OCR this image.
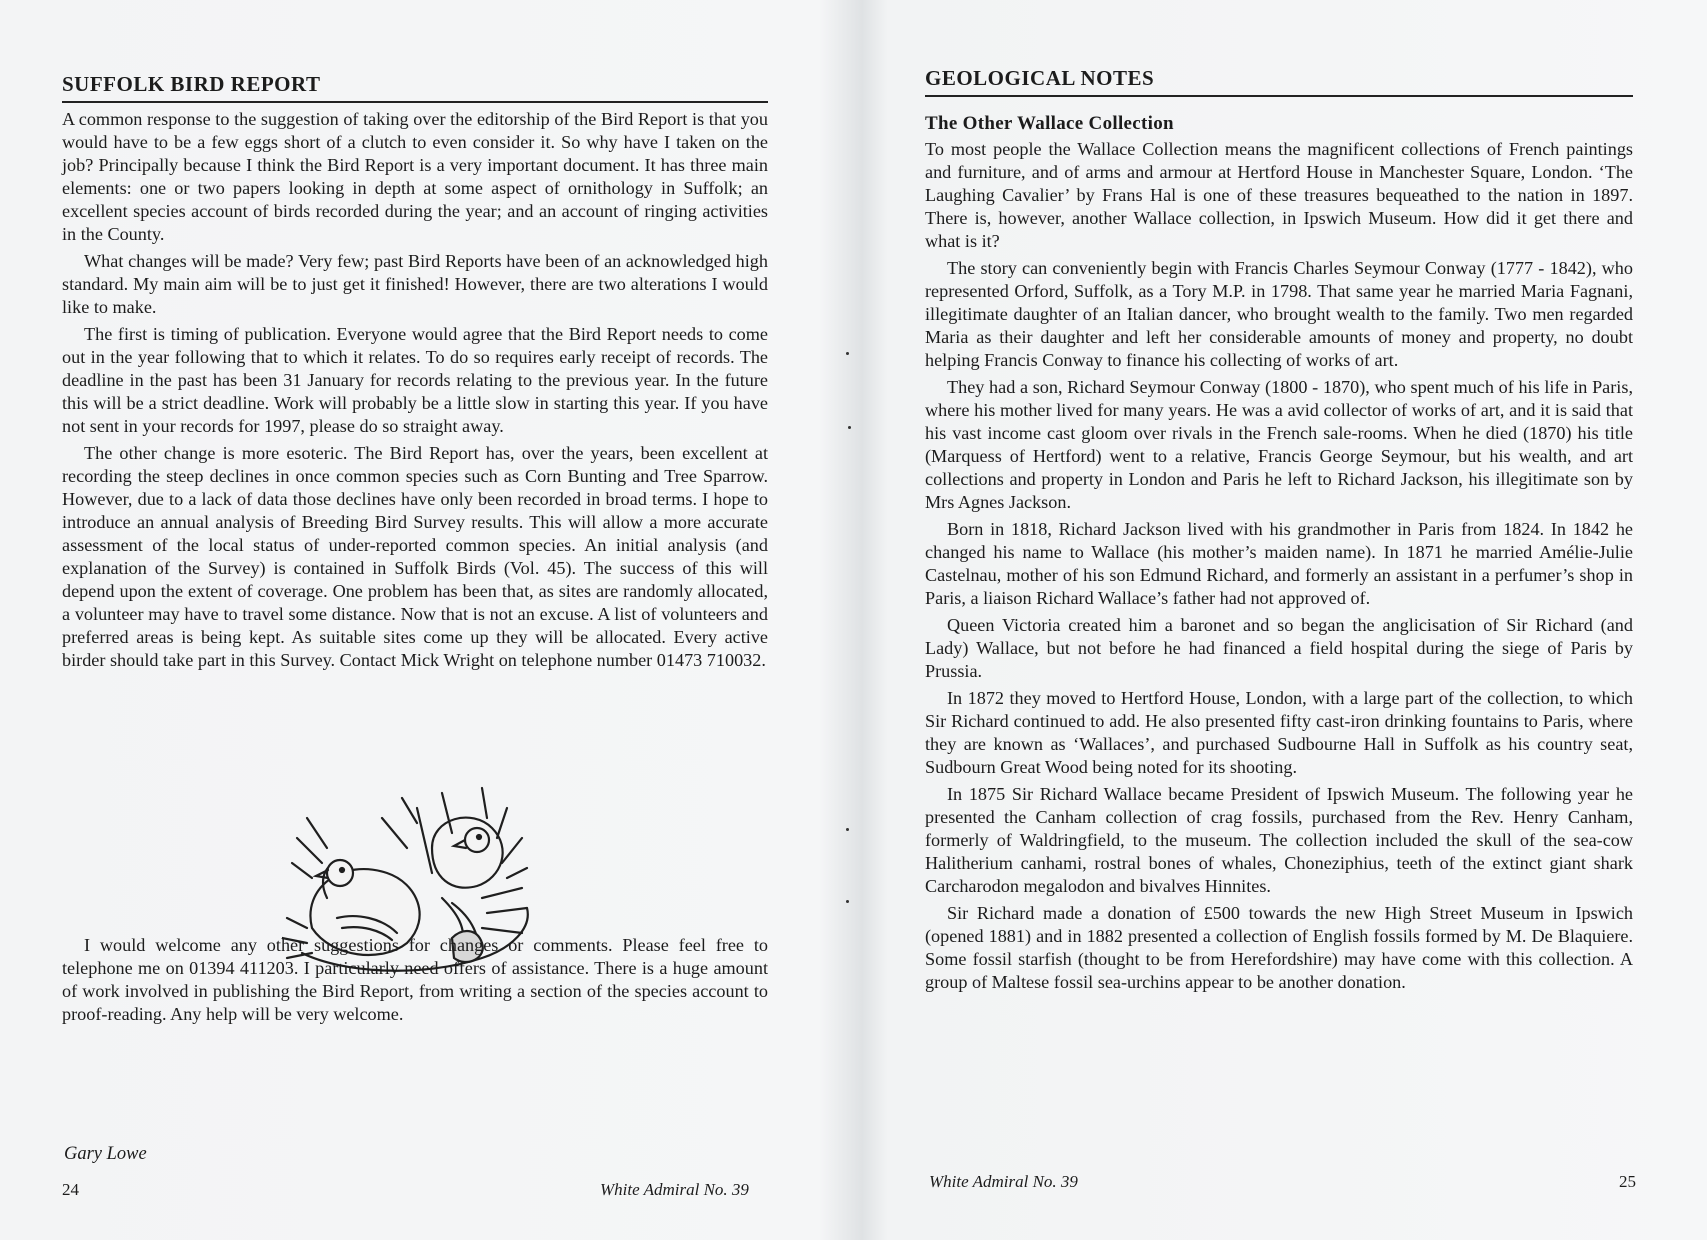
SUFFOLK BIRD REPORT

A common response to the suggestion of taking over the editorship of the Bird Report is that you would have to be a few eggs short of a clutch to even consider it. So why have I taken on the job? Principally because I think the Bird Report is a very important document. It has three main elements: one or two papers looking in depth at some aspect of ornithology in Suffolk; an excellent species account of birds recorded during the year; and an account of ringing activities in the County.

What changes will be made? Very few; past Bird Reports have been of an acknowledged high standard. My main aim will be to just get it finished! However, there are two alterations I would like to make.

The first is timing of publication. Everyone would agree that the Bird Report needs to come out in the year following that to which it relates. To do so requires early receipt of records. The deadline in the past has been 31 January for records relating to the previous year. In the future this will be a strict deadline. Work will probably be a little slow in starting this year. If you have not sent in your records for 1997, please do so straight away.

The other change is more esoteric. The Bird Report has, over the years, been excellent at recording the steep declines in once common species such as Corn Bunting and Tree Sparrow. However, due to a lack of data those declines have only been recorded in broad terms. I hope to introduce an annual analysis of Breeding Bird Survey results. This will allow a more accurate assessment of the local status of under-reported common species. An initial analysis (and explanation of the Survey) is contained in Suffolk Birds (Vol. 45). The success of this will depend upon the extent of coverage. One problem has been that, as sites are randomly allocated, a volunteer may have to travel some distance. Now that is not an excuse. A list of volunteers and preferred areas is being kept. As suitable sites come up they will be allocated. Every active birder should take part in this Survey. Contact Mick Wright on telephone number 01473 710032.

I would welcome any other suggestions for changes or comments. Please feel free to telephone me on 01394 411203. I particularly need offers of assistance. There is a huge amount of work involved in publishing the Bird Report, from writing a section of the species account to proof-reading. Any help will be very welcome.

Gary Lowe
24	White Admiral No. 39
GEOLOGICAL NOTES
The Other Wallace Collection

To most people the Wallace Collection means the magnificent collections of French paintings and furniture, and of arms and armour at Hertford House in Manchester Square, London. ‘The Laughing Cavalier’ by Frans Hal is one of these treasures bequeathed to the nation in 1897. There is, however, another Wallace collection, in Ipswich Museum. How did it get there and what is it?

The story can conveniently begin with Francis Charles Seymour Conway (1777 - 1842), who represented Orford, Suffolk, as a Tory M.P. in 1798. That same year he married Maria Fagnani, illegitimate daughter of an Italian dancer, who brought wealth to the family. Two men regarded Maria as their daughter and left her considerable amounts of money and property, no doubt helping Francis Conway to finance his collecting of works of art.

They had a son, Richard Seymour Conway (1800 - 1870), who spent much of his life in Paris, where his mother lived for many years. He was a avid collector of works of art, and it is said that his vast income cast gloom over rivals in the French sale-rooms. When he died (1870) his title (Marquess of Hertford) went to a relative, Francis George Seymour, but his wealth, and art collections and property in London and Paris he left to Richard Jackson, his illegitimate son by Mrs Agnes Jackson.

Born in 1818, Richard Jackson lived with his grandmother in Paris from 1824. In 1842 he changed his name to Wallace (his mother’s maiden name). In 1871 he married Amélie-Julie Castelnau, mother of his son Edmund Richard, and formerly an assistant in a perfumer’s shop in Paris, a liaison Richard Wallace’s father had not approved of.

Queen Victoria created him a baronet and so began the anglicisation of Sir Richard (and Lady) Wallace, but not before he had financed a field hospital during the siege of Paris by Prussia.

In 1872 they moved to Hertford House, London, with a large part of the collection, to which Sir Richard continued to add. He also presented fifty cast-iron drinking fountains to Paris, where they are known as ‘Wallaces’, and purchased Sudbourne Hall in Suffolk as his country seat, Sudbourn Great Wood being noted for its shooting.

In 1875 Sir Richard Wallace became President of Ipswich Museum. The following year he presented the Canham collection of crag fossils, purchased from the Rev. Henry Canham, formerly of Waldringfield, to the museum. The collection included the skull of the sea-cow Halitherium canhami, rostral bones of whales, Choneziphius, teeth of the extinct giant shark Carcharodon megalodon and bivalves Hinnites.

Sir Richard made a donation of £500 towards the new High Street Museum in Ipswich (opened 1881) and in 1882 presented a collection of English fossils formed by M. De Blaquiere. Some fossil starfish (thought to be from Herefordshire) may have come with this collection. A group of Maltese fossil sea-urchins appear to be another donation.

White Admiral No. 39	25
